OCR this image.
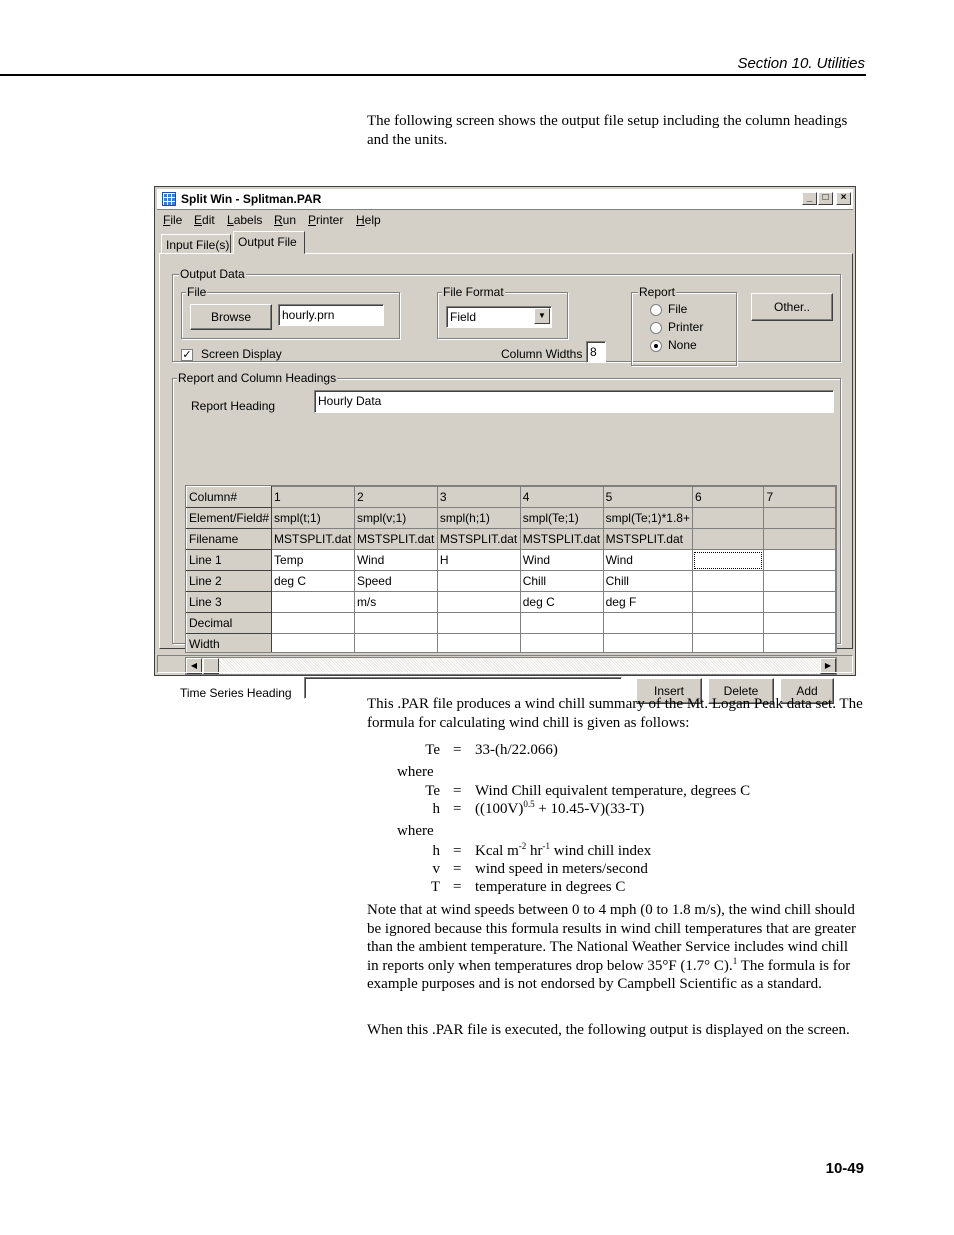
Section 10. Utilities
The following screen shows the output file setup including the column headings and the units.
Split Win - Splitman.PAR	_	□	×
File Edit Labels Run Printer Help
Input File(s) Output File
Output Data
File
Browse	hourly.prn
File Format
Field	▼
Report
File
Printer
None
Other..
✓ Screen Display	Column Widths 8
Report and Column Headings
Report Heading	Hourly Data
Column#	1	2	3	4	5	6	7
Element/Field#	smpl(t;1)	smpl(v;1)	smpl(h;1)	smpl(Te;1)	smpl(Te;1)*1.8+		
Filename	MSTSPLIT.dat	MSTSPLIT.dat	MSTSPLIT.dat	MSTSPLIT.dat	MSTSPLIT.dat		
Line 1	Temp	Wind	H	Wind	Wind		
Line 2	deg C	Speed		Chill	Chill		
Line 3		m/s		deg C	deg F		
Decimal							
Width							
◀	▶
Time Series Heading	Insert	Delete	Add
This .PAR file produces a wind chill summary of the Mt. Logan Peak data set. The formula for calculating wind chill is given as follows:
Te = 33-(h/22.066)
where
Te = Wind Chill equivalent temperature, degrees C
$h = ((100V)^{0.5} + 10.45-V)(33-T)$
where
h = Kcal $m^{-2}$ $hr^{-1}$ wind chill index
v = wind speed in meters/second
T = temperature in degrees C
Note that at wind speeds between 0 to 4 mph (0 to 1.8 m/s), the wind chill should be ignored because this formula results in wind chill temperatures that are greater than the ambient temperature. The National Weather Service includes wind chill in reports only when temperatures drop below 35°F (1.7° C).$^1$ The formula is for example purposes and is not endorsed by Campbell Scientific as a standard.
When this .PAR file is executed, the following output is displayed on the screen.
10-49
